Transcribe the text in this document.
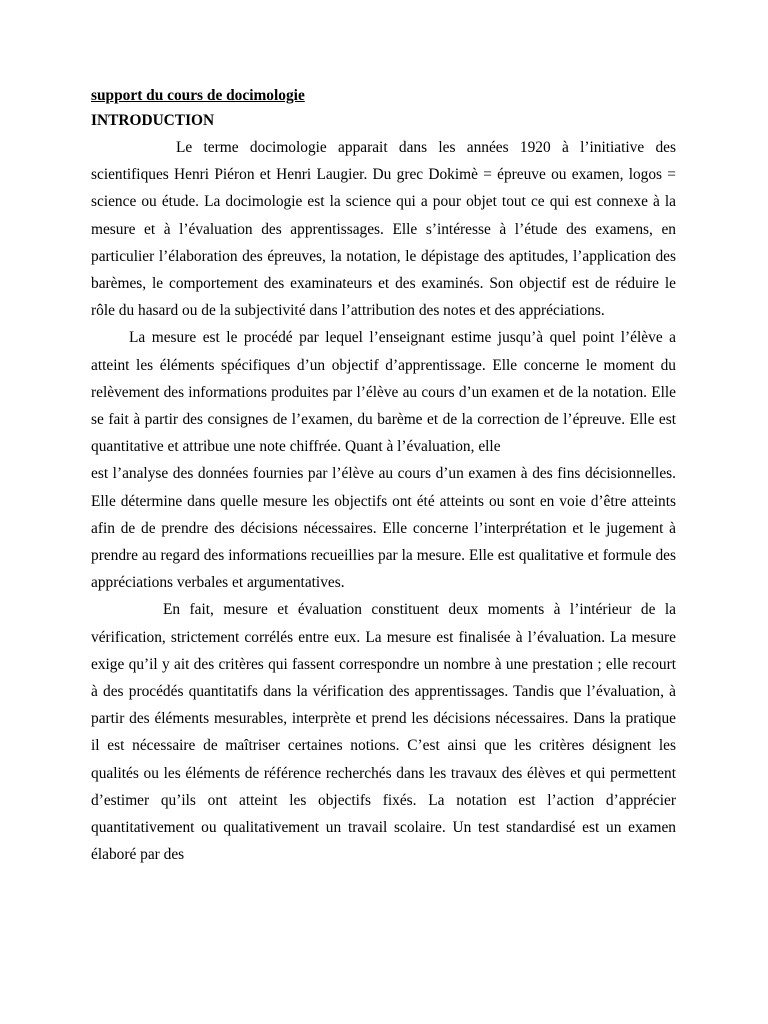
support du cours de docimologie

INTRODUCTION

Le terme docimologie apparait dans les années 1920 à l’initiative des scientifiques Henri Piéron et Henri Laugier. Du grec Dokimè = épreuve ou examen, logos = science ou étude. La docimologie est la science qui a pour objet tout ce qui est connexe à la mesure et à l’évaluation des apprentissages. Elle s’intéresse à l’étude des examens, en particulier l’élaboration des épreuves, la notation, le dépistage des aptitudes, l’application des barèmes, le comportement des examinateurs et des examinés. Son objectif est de réduire le rôle du hasard ou de la subjectivité dans l’attribution des notes et des appréciations.

La mesure est le procédé par lequel l’enseignant estime jusqu’à quel point l’élève a atteint les éléments spécifiques d’un objectif d’apprentissage. Elle concerne le moment du relèvement des informations produites par l’élève au cours d’un examen et de la notation. Elle se fait à partir des consignes de l’examen, du barème et de la correction de l’épreuve. Elle est quantitative et attribue une note chiffrée. Quant à l’évaluation, elle

est l’analyse des données fournies par l’élève au cours d’un examen à des fins décisionnelles. Elle détermine dans quelle mesure les objectifs ont été atteints ou sont en voie d’être atteints afin de de prendre des décisions nécessaires. Elle concerne l’interprétation et le jugement à prendre au regard des informations recueillies par la mesure. Elle est qualitative et formule des appréciations verbales et argumentatives.

En fait, mesure et évaluation constituent deux moments à l’intérieur de la vérification, strictement corrélés entre eux. La mesure est finalisée à l’évaluation. La mesure exige qu’il y ait des critères qui fassent correspondre un nombre à une prestation ; elle recourt à des procédés quantitatifs dans la vérification des apprentissages. Tandis que l’évaluation, à partir des éléments mesurables, interprète et prend les décisions nécessaires. Dans la pratique il est nécessaire de maîtriser certaines notions. C’est ainsi que les critères désignent les qualités ou les éléments de référence recherchés dans les travaux des élèves et qui permettent d’estimer qu’ils ont atteint les objectifs fixés. La notation est l’action d’apprécier quantitativement ou qualitativement un travail scolaire. Un test standardisé est un examen élaboré par des
